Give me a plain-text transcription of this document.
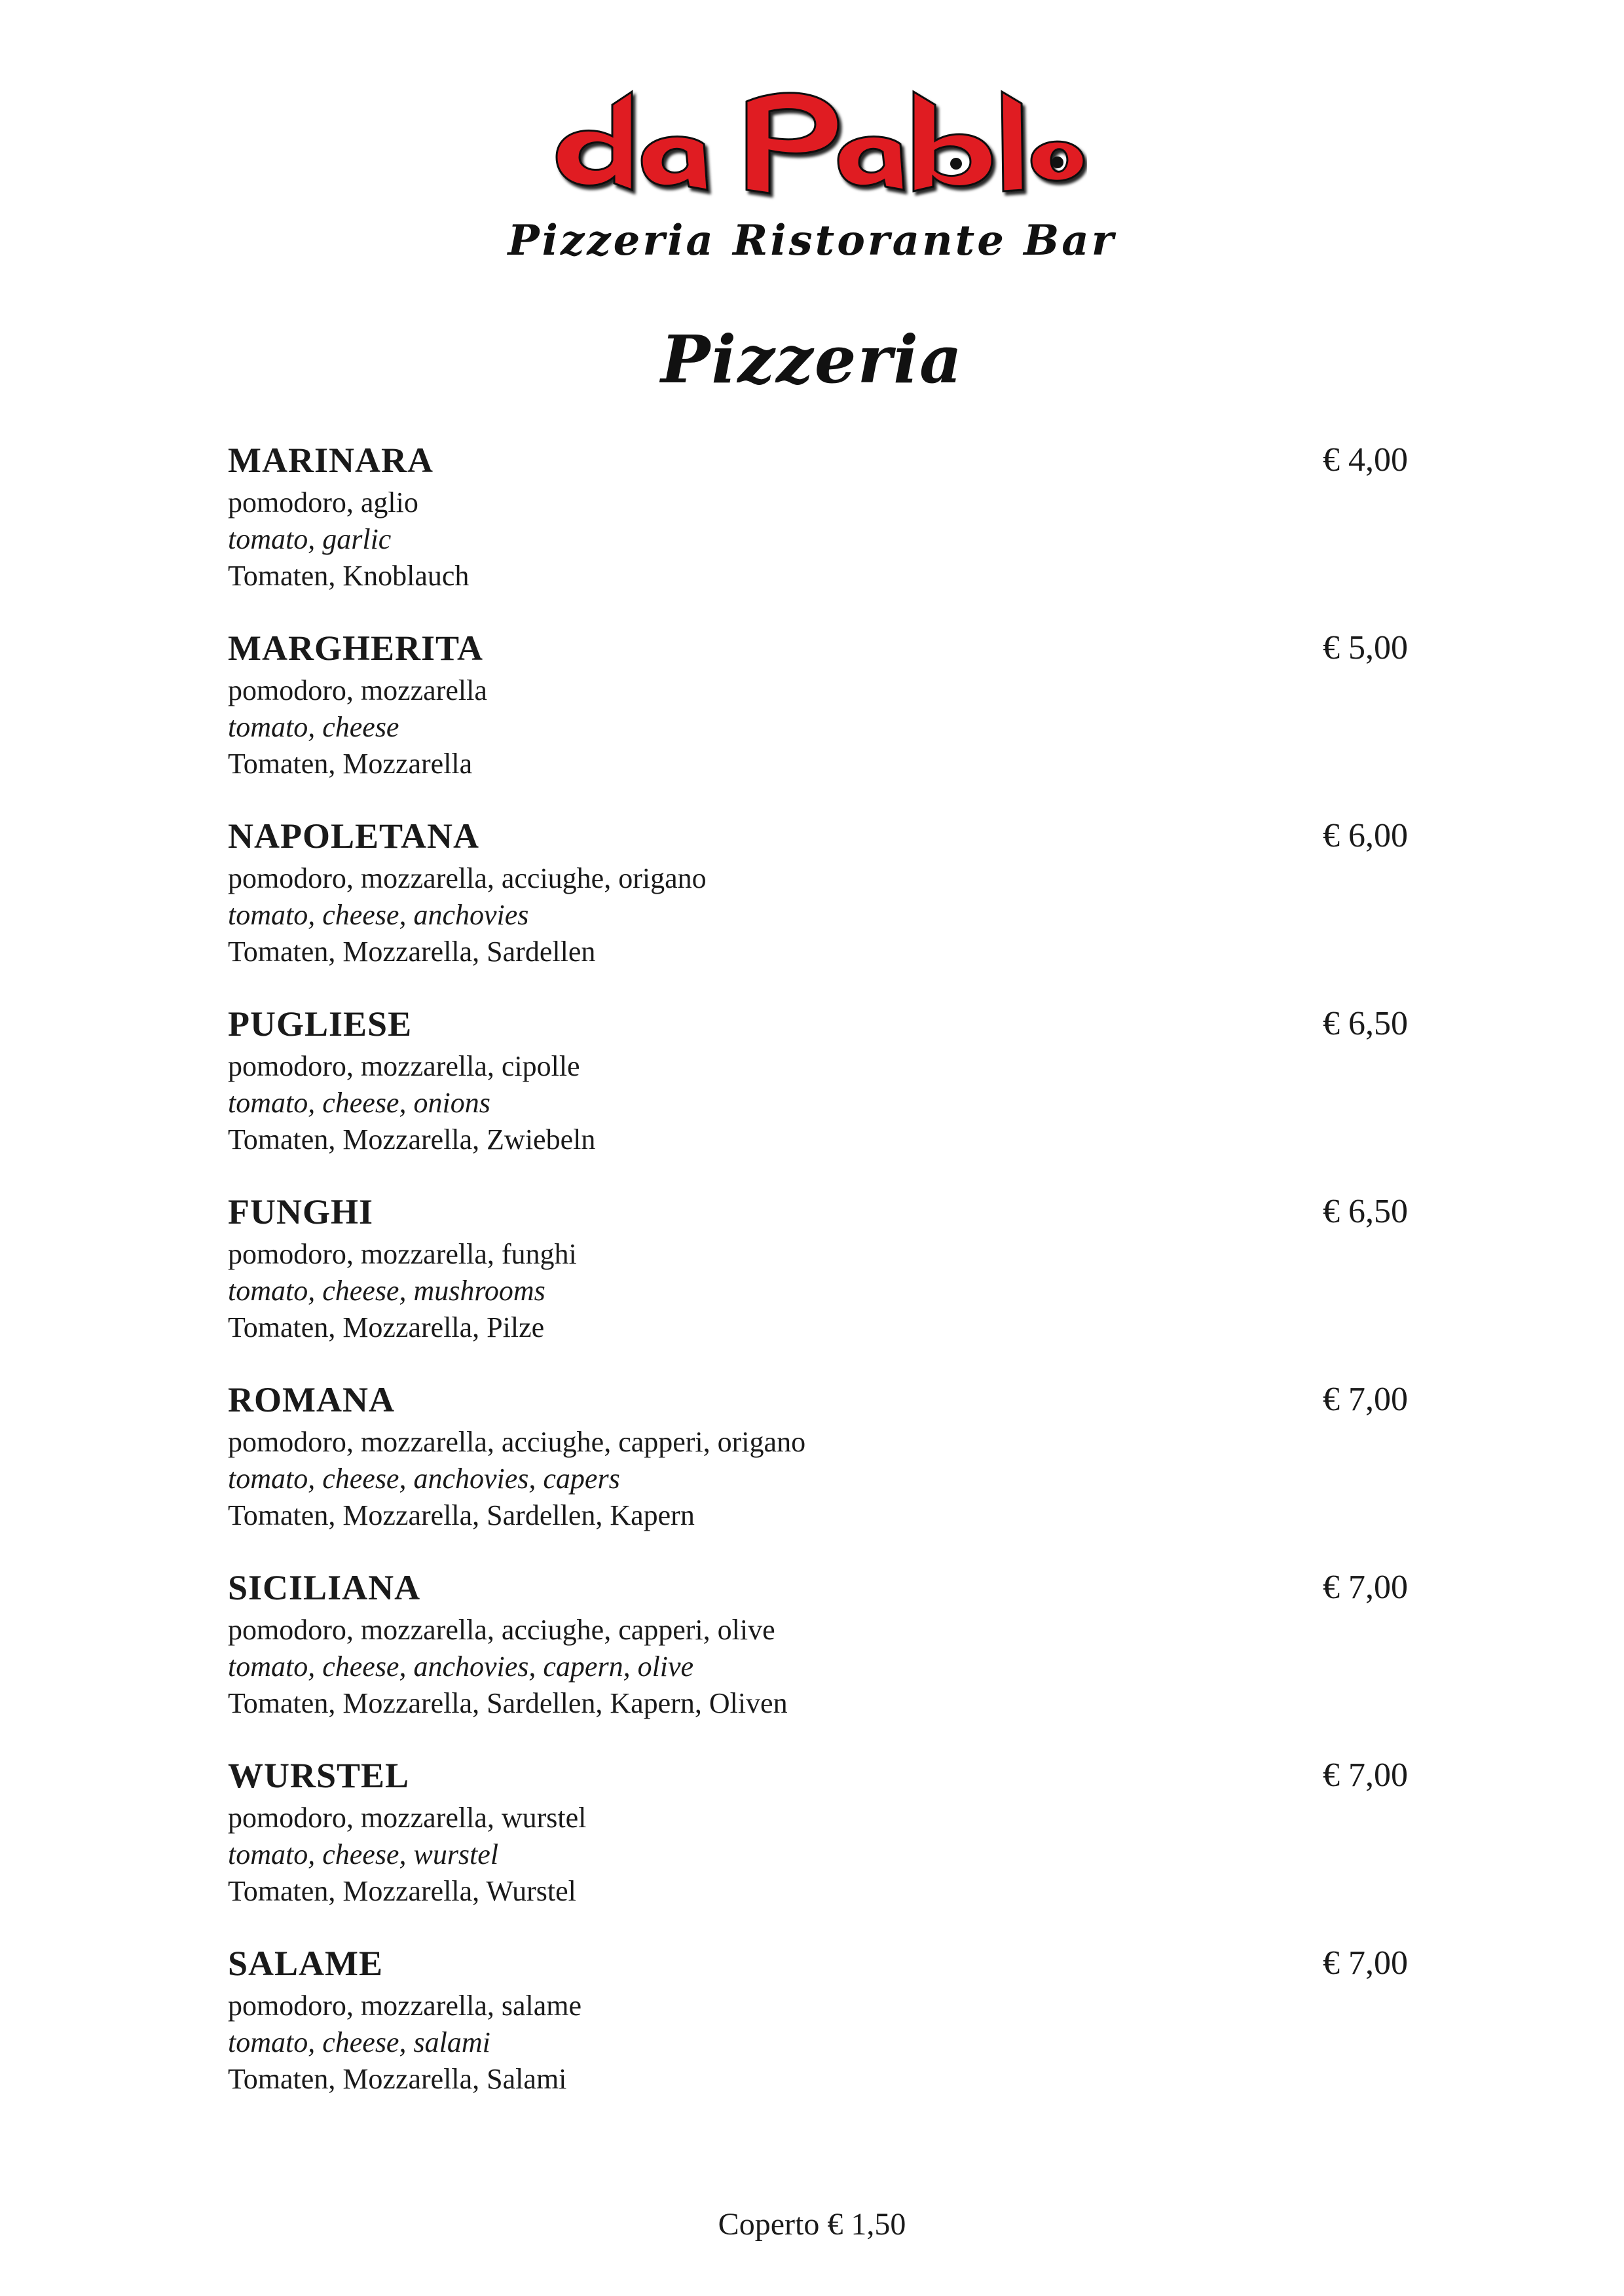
Pizzeria Ristorante Bar
Pizzeria
MARINARA	€ 4,00
pomodoro, aglio
tomato, garlic
Tomaten, Knoblauch
MARGHERITA	€ 5,00
pomodoro, mozzarella
tomato, cheese
Tomaten, Mozzarella
NAPOLETANA	€ 6,00
pomodoro, mozzarella, acciughe, origano
tomato, cheese, anchovies
Tomaten, Mozzarella, Sardellen
PUGLIESE	€ 6,50
pomodoro, mozzarella, cipolle
tomato, cheese, onions
Tomaten, Mozzarella, Zwiebeln
FUNGHI	€ 6,50
pomodoro, mozzarella, funghi
tomato, cheese, mushrooms
Tomaten, Mozzarella, Pilze
ROMANA	€ 7,00
pomodoro, mozzarella, acciughe, capperi, origano
tomato, cheese, anchovies, capers
Tomaten, Mozzarella, Sardellen, Kapern
SICILIANA	€ 7,00
pomodoro, mozzarella, acciughe, capperi, olive
tomato, cheese, anchovies, capern, olive
Tomaten, Mozzarella, Sardellen, Kapern, Oliven
WURSTEL	€ 7,00
pomodoro, mozzarella, wurstel
tomato, cheese, wurstel
Tomaten, Mozzarella, Wurstel
SALAME	€ 7,00
pomodoro, mozzarella, salame
tomato, cheese, salami
Tomaten, Mozzarella, Salami
Coperto € 1,50
